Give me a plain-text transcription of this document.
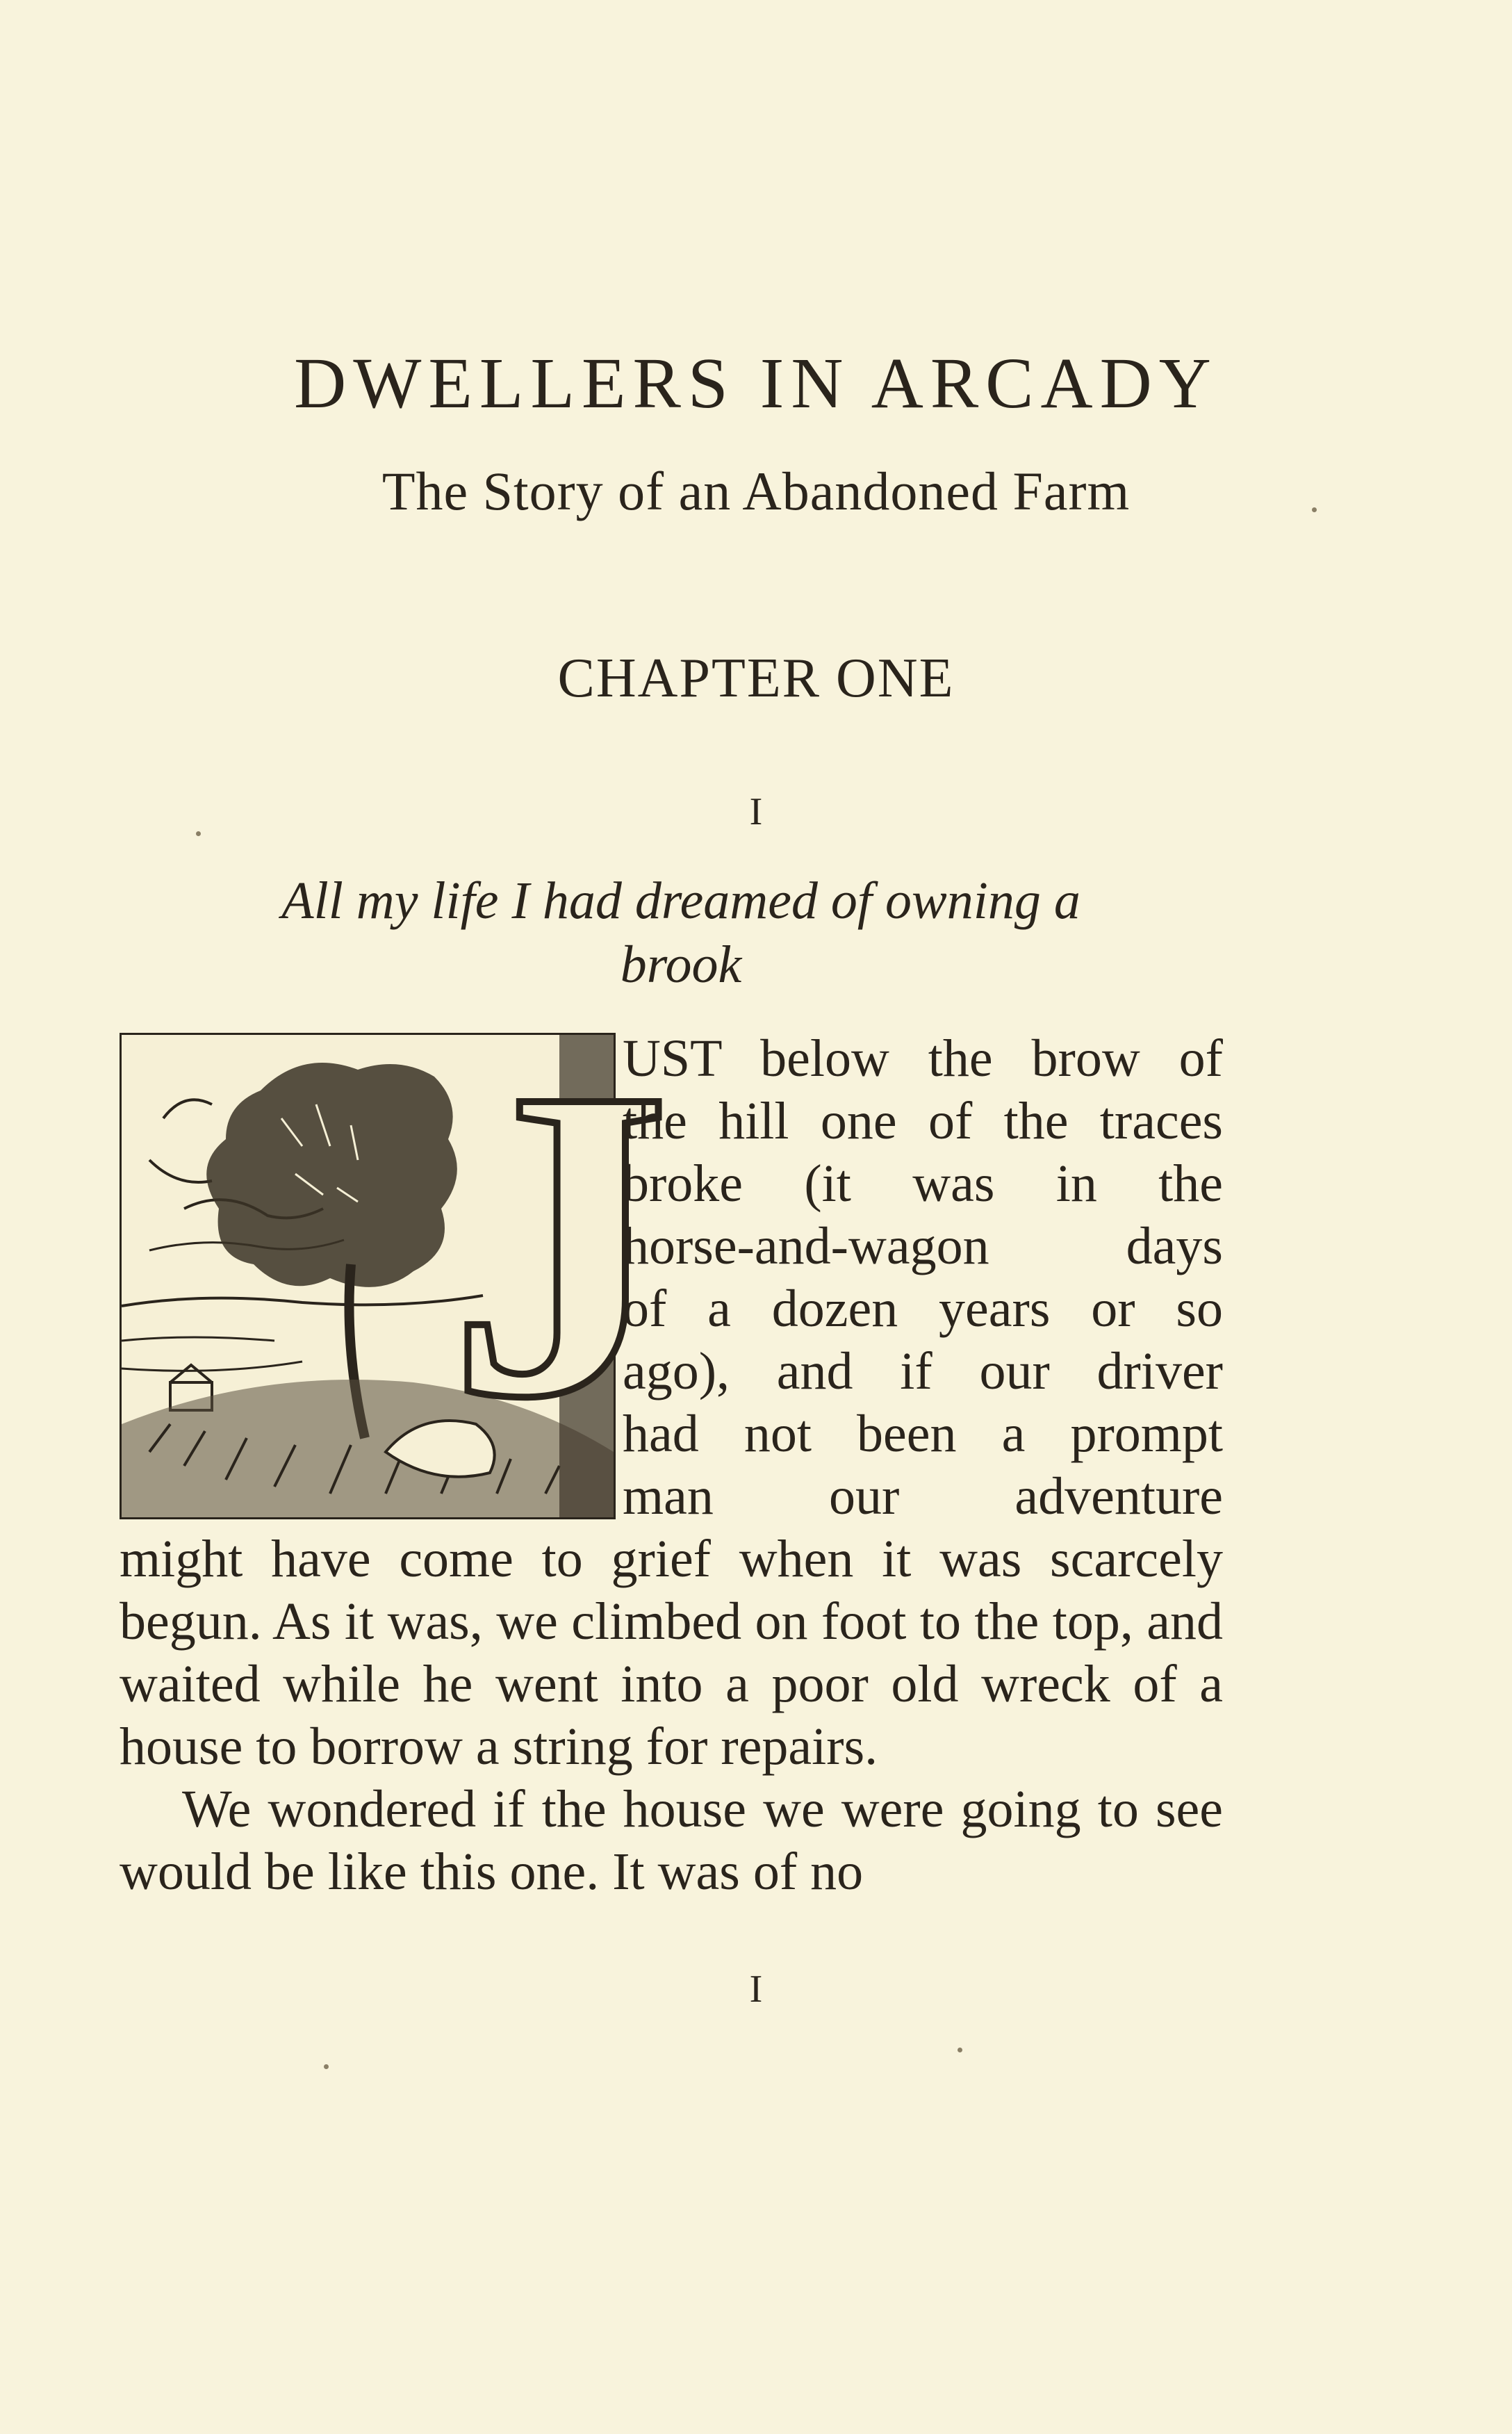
DWELLERS IN ARCADY
The Story of an Abandoned Farm
CHAPTER ONE
I
All my life I had dreamed of owning a
brook
J

UST below the brow of

the hill one of the traces

broke (it was in the

horse-and-wagon days

of a dozen years or so

ago), and if our driver

had not been a prompt

man our adventure

might have come to grief when it was scarcely begun. As it was, we climbed on foot to the top, and waited while he went into a poor old wreck of a house to borrow a string for repairs.

We wondered if the house we were going to see would be like this one. It was of no

I
